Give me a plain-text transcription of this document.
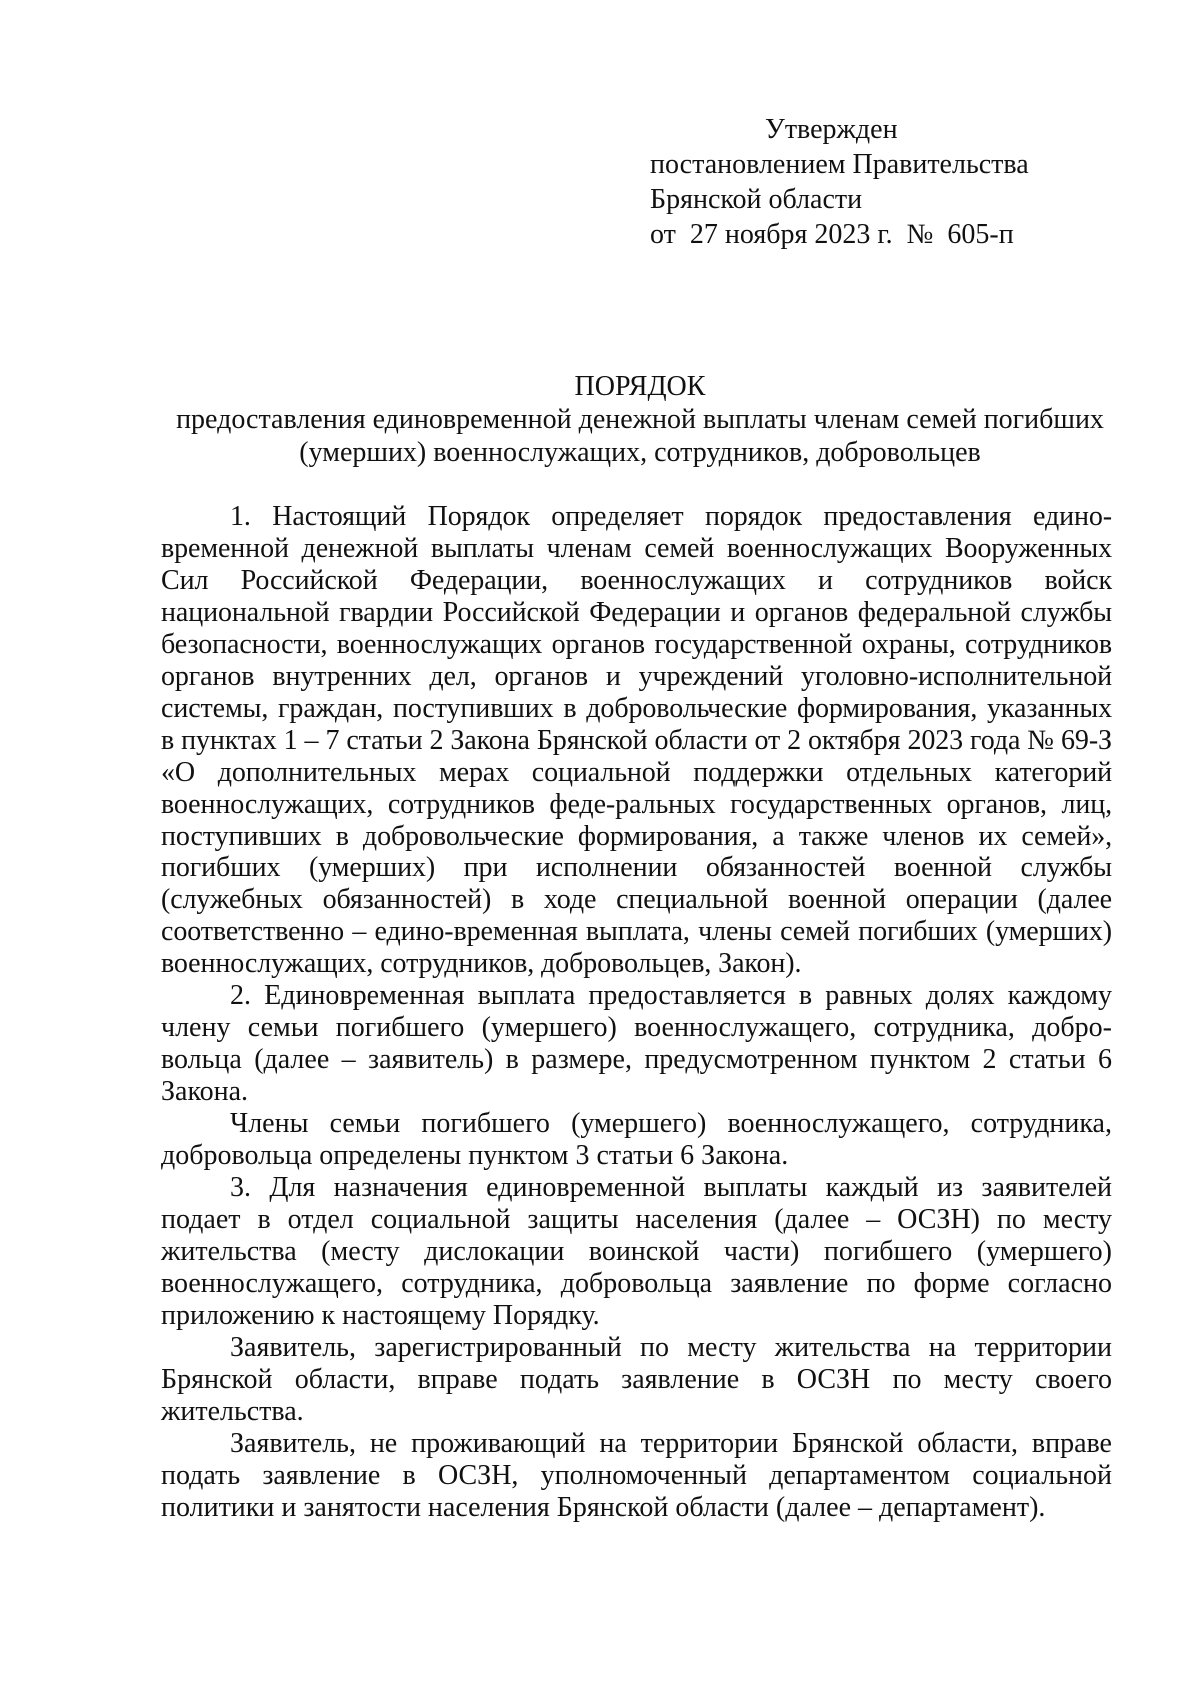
Утвержден
постановлением Правительства
Брянской области
от  27 ноября 2023 г.  №  605-п
ПОРЯДОК
предоставления единовременной денежной выплаты членам семей погибших
(умерших) военнослужащих, сотрудников, добровольцев

1. Настоящий Порядок определяет порядок предоставления едино-временной денежной выплаты членам семей военнослужащих Вооруженных Сил Российской Федерации, военнослужащих и сотрудников войск национальной гвардии Российской Федерации и органов федеральной службы безопасности, военнослужащих органов государственной охраны, сотрудников органов внутренних дел, органов и учреждений уголовно-исполнительной системы, граждан, поступивших в добровольческие формирования, указанных в пунктах 1 – 7 статьи 2 Закона Брянской области от 2 октября 2023 года № 69-З «О дополнительных мерах социальной поддержки отдельных категорий военнослужащих, сотрудников феде-ральных государственных органов, лиц, поступивших в добровольческие формирования, а также членов их семей», погибших (умерших) при исполнении обязанностей военной службы (служебных обязанностей) в ходе специальной военной операции (далее соответственно – едино-временная выплата, члены семей погибших (умерших) военнослужащих, сотрудников, добровольцев, Закон).

2. Единовременная выплата предоставляется в равных долях каждому члену семьи погибшего (умершего) военнослужащего, сотрудника, добро-вольца (далее – заявитель) в размере, предусмотренном пунктом 2 статьи 6 Закона.

Члены семьи погибшего (умершего) военнослужащего, сотрудника, добровольца определены пунктом 3 статьи 6 Закона.

3. Для назначения единовременной выплаты каждый из заявителей подает в отдел социальной защиты населения (далее – ОСЗН) по месту жительства (месту дислокации воинской части) погибшего (умершего) военнослужащего, сотрудника, добровольца заявление по форме согласно приложению к настоящему Порядку.

Заявитель, зарегистрированный по месту жительства на территории Брянской области, вправе подать заявление в ОСЗН по месту своего жительства.

Заявитель, не проживающий на территории Брянской области, вправе подать заявление в ОСЗН, уполномоченный департаментом социальной политики и занятости населения Брянской области (далее – департамент).
